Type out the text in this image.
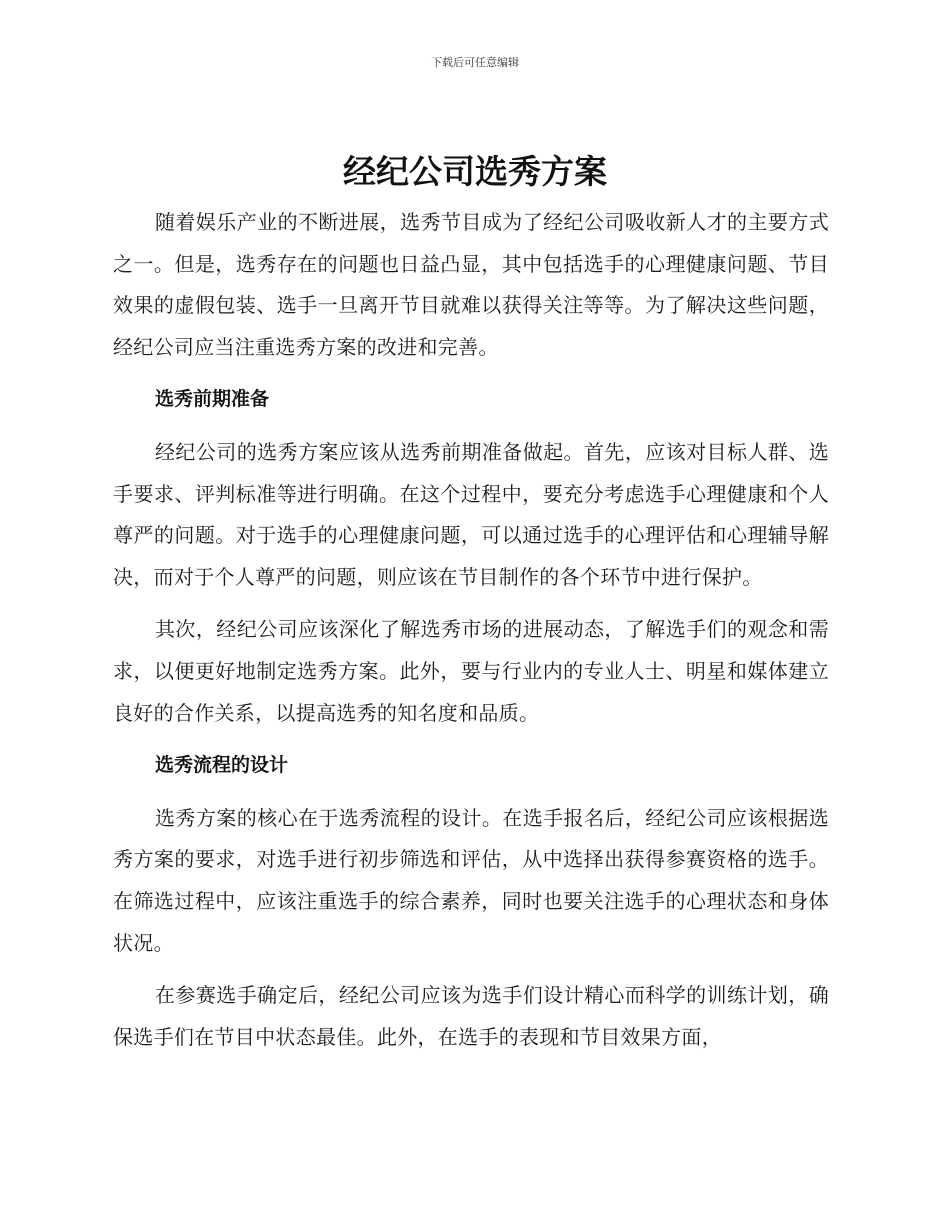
下载后可任意编辑
经纪公司选秀方案

随着娱乐产业的不断进展，选秀节目成为了经纪公司吸收新人才的主要方式之一。但是，选秀存在的问题也日益凸显，其中包括选手的心理健康问题、节目效果的虚假包装、选手一旦离开节目就难以获得关注等等。为了解决这些问题，经纪公司应当注重选秀方案的改进和完善。

选秀前期准备

经纪公司的选秀方案应该从选秀前期准备做起。首先，应该对目标人群、选手要求、评判标准等进行明确。在这个过程中，要充分考虑选手心理健康和个人尊严的问题。对于选手的心理健康问题，可以通过选手的心理评估和心理辅导解决，而对于个人尊严的问题，则应该在节目制作的各个环节中进行保护。

其次，经纪公司应该深化了解选秀市场的进展动态，了解选手们的观念和需求，以便更好地制定选秀方案。此外，要与行业内的专业人士、明星和媒体建立良好的合作关系，以提高选秀的知名度和品质。

选秀流程的设计

选秀方案的核心在于选秀流程的设计。在选手报名后，经纪公司应该根据选秀方案的要求，对选手进行初步筛选和评估，从中选择出获得参赛资格的选手。在筛选过程中，应该注重选手的综合素养，同时也要关注选手的心理状态和身体状况。

在参赛选手确定后，经纪公司应该为选手们设计精心而科学的训练计划，确保选手们在节目中状态最佳。此外，在选手的表现和节目效果方面，
